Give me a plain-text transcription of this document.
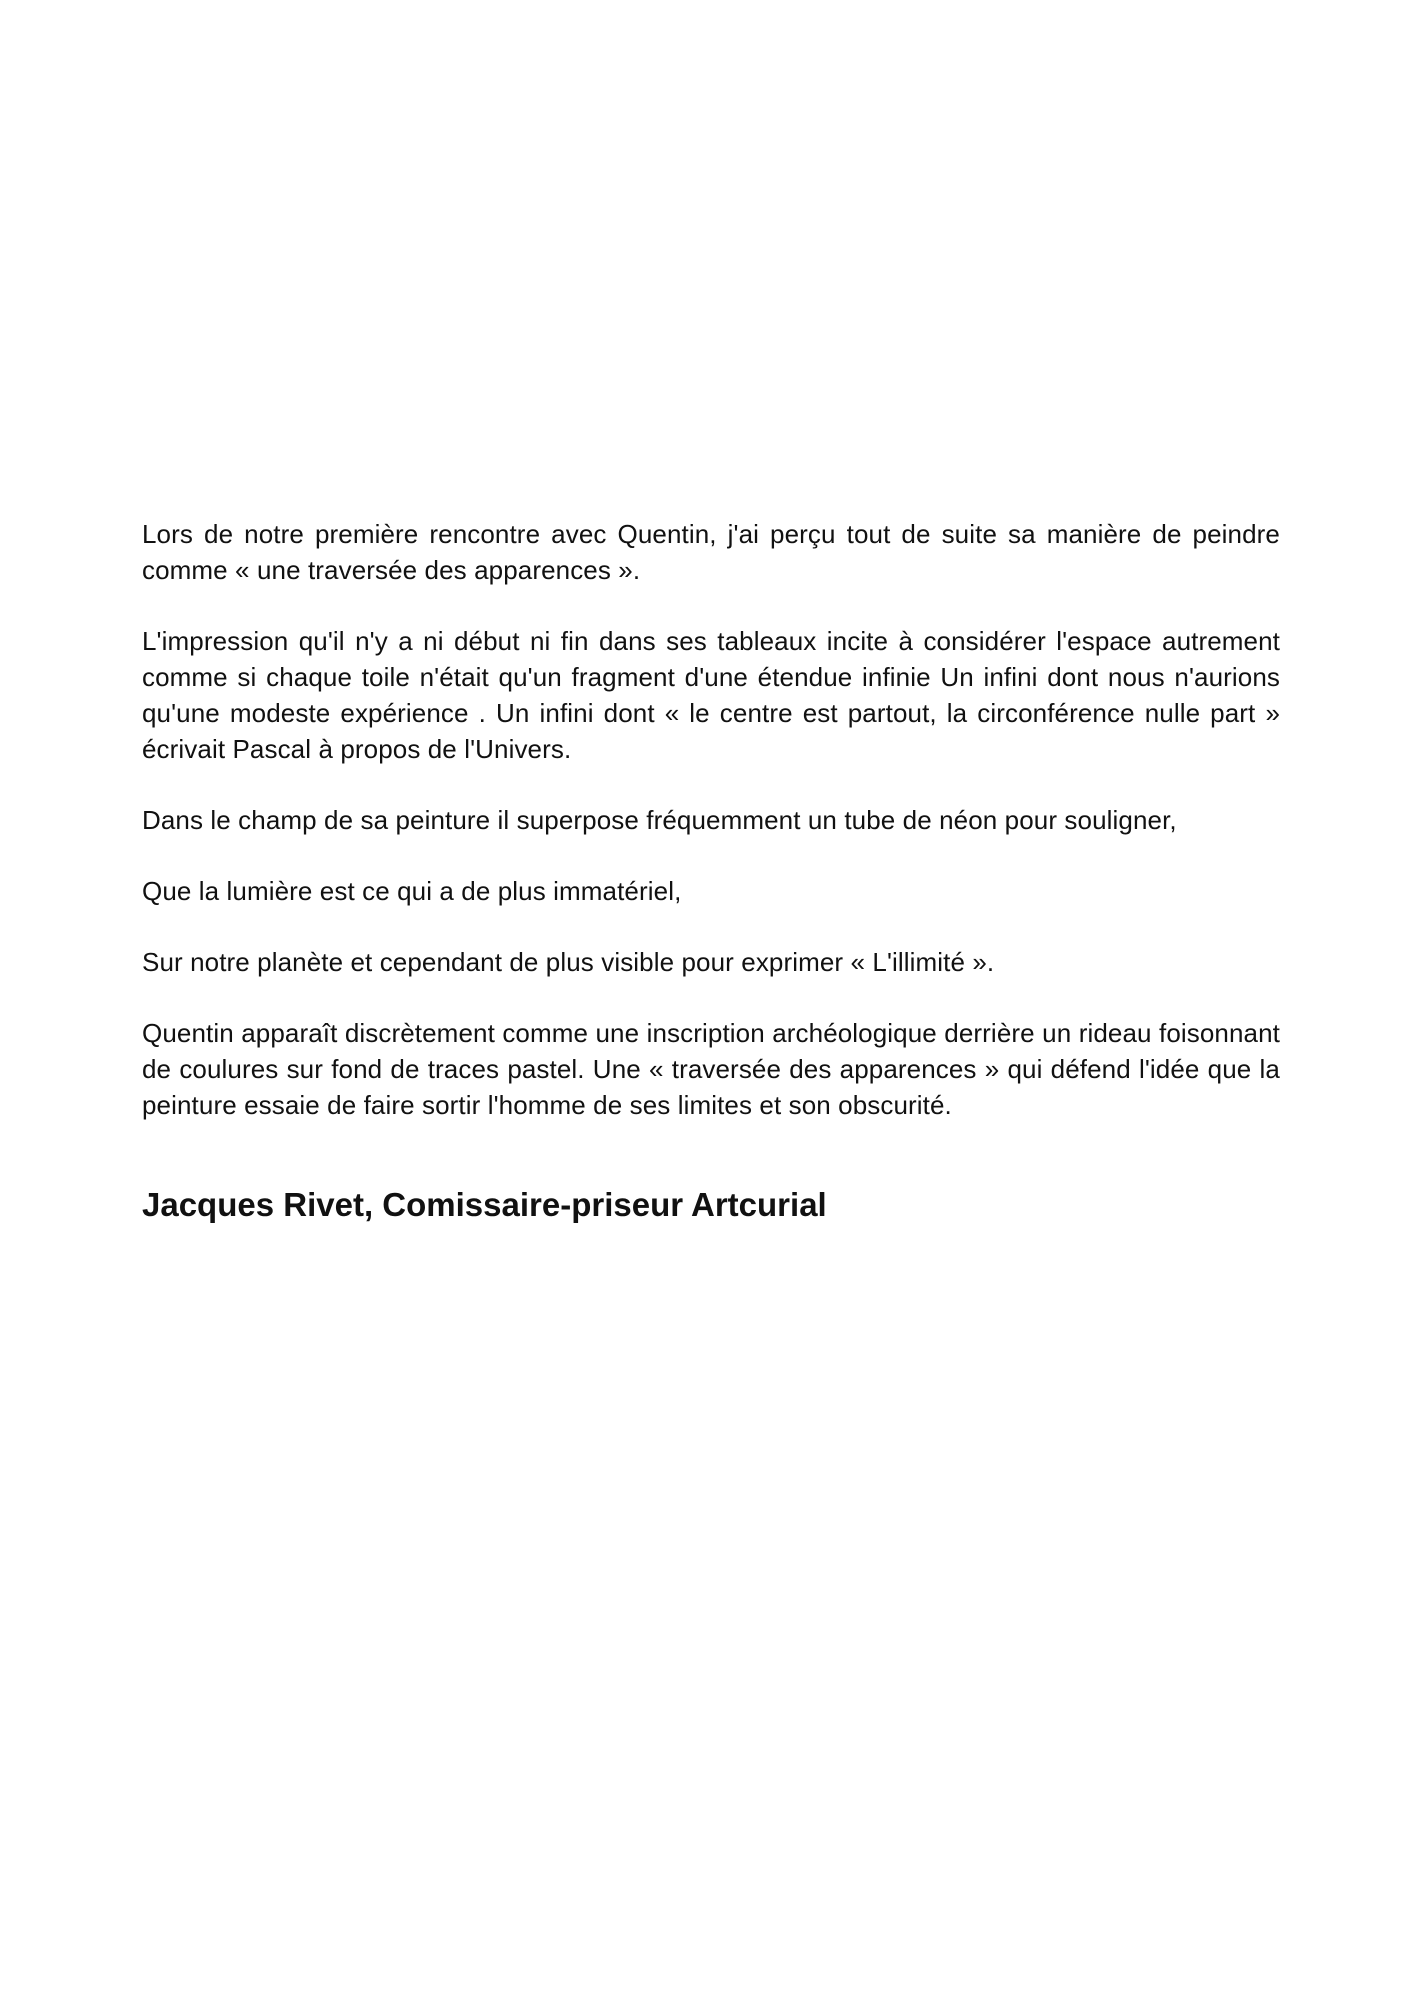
Lors de notre première rencontre avec Quentin, j'ai perçu tout de suite sa manière de peindre comme « une traversée des apparences ».

L'impression qu'il n'y a ni début ni fin dans ses tableaux incite à considérer l'espace autrement comme si chaque toile n'était qu'un fragment d'une étendue infinie Un infini dont nous n'aurions qu'une modeste expérience . Un infini dont « le centre est partout, la circonférence nulle part » écrivait Pascal à propos de l'Univers.

Dans le champ de sa peinture il superpose fréquemment un tube de néon pour souligner,

Que la lumière est ce qui a de plus immatériel,

Sur notre planète et cependant de plus visible pour exprimer « L'illimité ».

Quentin apparaît discrètement comme une inscription archéologique derrière un rideau foisonnant de coulures sur fond de traces pastel. Une « traversée des apparences » qui défend l'idée que la peinture essaie de faire sortir l'homme de ses limites et son obscurité.

Jacques Rivet, Comissaire-priseur Artcurial
